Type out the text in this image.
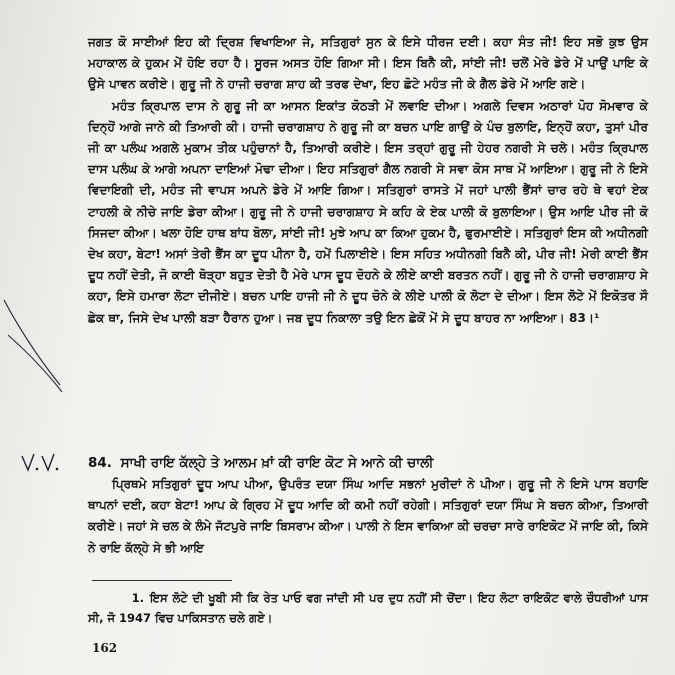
ਜਗਤ ਕੋ ਸਾਈਆਂ ਇਹ ਕੀ ਦ੍ਰਿਸ਼ ਵਿਖਾਇਆ ਜੇ, ਸਤਿਗੁਰਾਂ ਸੁਨ ਕੇ ਇਸੇ ਧੀਰਜ ਦਈ। ਕਹਾ ਸੰਤ ਜੀ! ਇਹ ਸਭੋ ਕੁਝ ਉਸ ਮਹਾਕਾਲ ਕੇ ਹੁਕਮ ਮੇਂ ਹੋਇ ਰਹਾ ਹੈ। ਸੂਰਜ ਅਸਤ ਹੋਇ ਗਿਆ ਸੀ। ਇਸ ਬਿਨੈ ਕੀ, ਸਾਂਈ ਜੀ! ਚਲੋਂ ਮੇਰੇ ਡੇਰੇ ਮੇਂ ਪਾਉਂ ਪਾਇ ਕੇ ਉਸੇ ਪਾਵਨ ਕਰੀਏ। ਗੁਰੂ ਜੀ ਨੇ ਹਾਜੀ ਚਰਾਗ ਸ਼ਾਹ ਕੀ ਤਰਫ ਦੇਖਾ, ਇਹ ਛੋਟੇ ਮਹੰਤ ਜੀ ਕੇ ਗੈਲ ਡੇਰੇ ਮੇਂ ਆਇ ਗਏ।

ਮਹੰਤ ਕ੍ਰਿਪਾਲ ਦਾਸ ਨੇ ਗੁਰੂ ਜੀ ਕਾ ਆਸਨ ਇਕਾਂਤ ਕੋਠੜੀ ਮੇਂ ਲਵਾਇ ਦੀਆ। ਅਗਲੇ ਦਿਵਸ ਅਠਾਰਾਂ ਪੋਹ ਸੋਮਵਾਰ ਕੇ ਦਿਨ੍ਹੋਂ ਆਗੇ ਜਾਨੇ ਕੀ ਤਿਆਰੀ ਕੀ। ਹਾਜੀ ਚਰਾਗਸ਼ਾਹ ਨੇ ਗੁਰੂ ਜੀ ਕਾ ਬਚਨ ਪਾਇ ਗਾਉਂ ਕੇ ਪੰਚ ਬੁਲਾਇ, ਇਨ੍ਹੋਂ ਕਹਾ, ਤੁਸਾਂ ਪੀਰ ਜੀ ਕਾ ਪਲੰਘ ਅਗਲੇ ਮੁਕਾਮ ਤੀਕ ਪਹੁੰਚਾਨਾਂ ਹੈ, ਤਿਆਰੀ ਕਰੀਏ। ਇਸ ਤਰ੍ਹਾਂ ਗੁਰੂ ਜੀ ਹੇਹਰ ਨਗਰੀ ਸੇ ਚਲੇ। ਮਹੰਤ ਕ੍ਰਿਪਾਲ ਦਾਸ ਪਲੰਘ ਕੇ ਆਗੇ ਅਪਨਾ ਦਾਇਆਂ ਮੋਢਾ ਦੀਆ। ਇਹ ਸਤਿਗੁਰਾਂ ਗੈਲ ਨਗਰੀ ਸੇ ਸਵਾ ਕੋਸ ਸਾਥ ਮੇਂ ਆਇਆ। ਗੁਰੂ ਜੀ ਨੇ ਇਸੇ ਵਿਦਾਇਗੀ ਦੀ, ਮਹੰਤ ਜੀ ਵਾਪਸ ਅਪਨੇ ਡੇਰੇ ਮੇਂ ਆਇ ਗਿਆ। ਸਤਿਗੁਰਾਂ ਰਾਸਤੇ ਮੇਂ ਜਹਾਂ ਪਾਲੀ ਭੈਂਸਾਂ ਚਾਰ ਰਹੇ ਥੇ ਵਹਾਂ ਏਕ ਟਾਹਲੀ ਕੇ ਨੀਚੇ ਜਾਇ ਡੇਰਾ ਕੀਆ। ਗੁਰੂ ਜੀ ਨੇ ਹਾਜੀ ਚਰਾਗਸ਼ਾਹ ਸੇ ਕਹਿ ਕੇ ਏਕ ਪਾਲੀ ਕੋ ਬੁਲਾਇਆ। ਉਸ ਆਇ ਪੀਰ ਜੀ ਕੋ ਸਿਜਦਾ ਕੀਆ। ਖਲਾ ਹੋਇ ਹਾਥ ਬਾਂਧ ਬੋਲਾ, ਸਾਂਈ ਜੀ! ਮੁਝੇ ਆਪ ਕਾ ਕਿਆ ਹੁਕਮ ਹੈ, ਫੁਰਮਾਈਏ। ਸਤਿਗੁਰਾਂ ਇਸ ਕੀ ਅਧੀਨਗੀ ਦੇਖ ਕਹਾ, ਬੇਟਾ! ਅਸਾਂ ਤੇਰੀ ਭੈਂਸ ਕਾ ਦੂਧ ਪੀਨਾ ਹੈ, ਹਮੇਂ ਪਿਲਾਈਏ। ਇਸ ਸਹਿਤ ਅਧੀਨਗੀ ਬਿਨੈ ਕੀ, ਪੀਰ ਜੀ! ਮੇਰੀ ਕਾਈ ਭੈਂਸ ਦੂਧ ਨਹੀਂ ਦੇਤੀ, ਜੋ ਕਾਈ ਥੋੜ੍ਹਾ ਬਹੁਤ ਦੇਤੀ ਹੈ ਮੇਰੇ ਪਾਸ ਦੂਧ ਦੋਹਨੇ ਕੇ ਲੀਏ ਕਾਈ ਬਰਤਨ ਨਹੀਂ। ਗੁਰੂ ਜੀ ਨੇ ਹਾਜੀ ਚਰਾਗਸ਼ਾਹ ਸੇ ਕਹਾ, ਇਸੇ ਹਮਾਰਾ ਲੋਟਾ ਦੀਜੀਏ। ਬਚਨ ਪਾਇ ਹਾਜੀ ਜੀ ਨੇ ਦੂਧ ਚੋਨੇ ਕੇ ਲੀਏ ਪਾਲੀ ਕੋ ਲੋਟਾ ਦੇ ਦੀਆ। ਇਸ ਲੋਟੇ ਮੇਂ ਇਕੋਤਰ ਸੌ ਛੇਕ ਥਾ, ਜਿਸੇ ਦੇਖ ਪਾਲੀ ਬੜਾ ਹੈਰਾਨ ਹੁਆ। ਜਬ ਦੂਧ ਨਿਕਾਲਾ ਤਉ ਇਨ ਛੇਕੋਂ ਮੇਂ ਸੇ ਦੂਧ ਬਾਹਰ ਨਾ ਆਇਆ। 83।¹

84. ਸਾਖੀ ਰਾਇ ਕੱਲ੍ਹੇ ਤੇ ਆਲਮ ਖ਼ਾਂ ਕੀ ਰਾਇ ਕੋਟ ਸੇ ਆਨੇ ਕੀ ਚਾਲੀ
ਪ੍ਰਿਥਮੇ ਸਤਿਗੁਰਾਂ ਦੂਧ ਆਪ ਪੀਆ, ਉਪਰੰਤ ਦਯਾ ਸਿੰਘ ਆਦਿ ਸਭਨਾਂ ਮੁਰੀਦਾਂ ਨੇ ਪੀਆ। ਗੁਰੂ ਜੀ ਨੇ ਇਸੇ ਪਾਸ ਬਹਾਇ ਥਾਪਨਾਂ ਦਈ, ਕਹਾ ਬੇਟਾ! ਆਪ ਕੇ ਗ੍ਰਿਹ ਮੇਂ ਦੂਧ ਆਦਿ ਕੀ ਕਮੀ ਨਹੀਂ ਰਹੇਗੀ। ਸਤਿਗੁਰਾਂ ਦਯਾ ਸਿੰਘ ਸੇ ਬਚਨ ਕੀਆ, ਤਿਆਰੀ ਕਰੀਏ। ਜਹਾਂ ਸੇ ਚਲ ਕੇ ਲੰਮੇ ਜੱਟਪੁਰੇ ਜਾਇ ਬਿਸਰਾਮ ਕੀਆ। ਪਾਲੀ ਨੇ ਇਸ ਵਾਕਿਆ ਕੀ ਚਰਚਾ ਸਾਰੇ ਰਾਇਕੋਟ ਮੇਂ ਜਾਇ ਕੀ, ਕਿਸੇ ਨੇ ਰਾਇ ਕੱਲ੍ਹੇ ਸੇ ਭੀ ਆਇ
1. ਇਸ ਲੋਟੇ ਦੀ ਖੂਬੀ ਸੀ ਕਿ ਰੇਤ ਪਾਓ ਵਗ ਜਾਂਦੀ ਸੀ ਪਰ ਦੁਧ ਨਹੀਂ ਸੀ ਚੋਂਦਾ। ਇਹ ਲੋਟਾ ਰਾਇਕੋਟ ਵਾਲੇ ਚੌਧਰੀਆਂ ਪਾਸ ਸੀ, ਜੋ 1947 ਵਿਚ ਪਾਕਿਸਤਾਨ ਚਲੇ ਗਏ।
162
